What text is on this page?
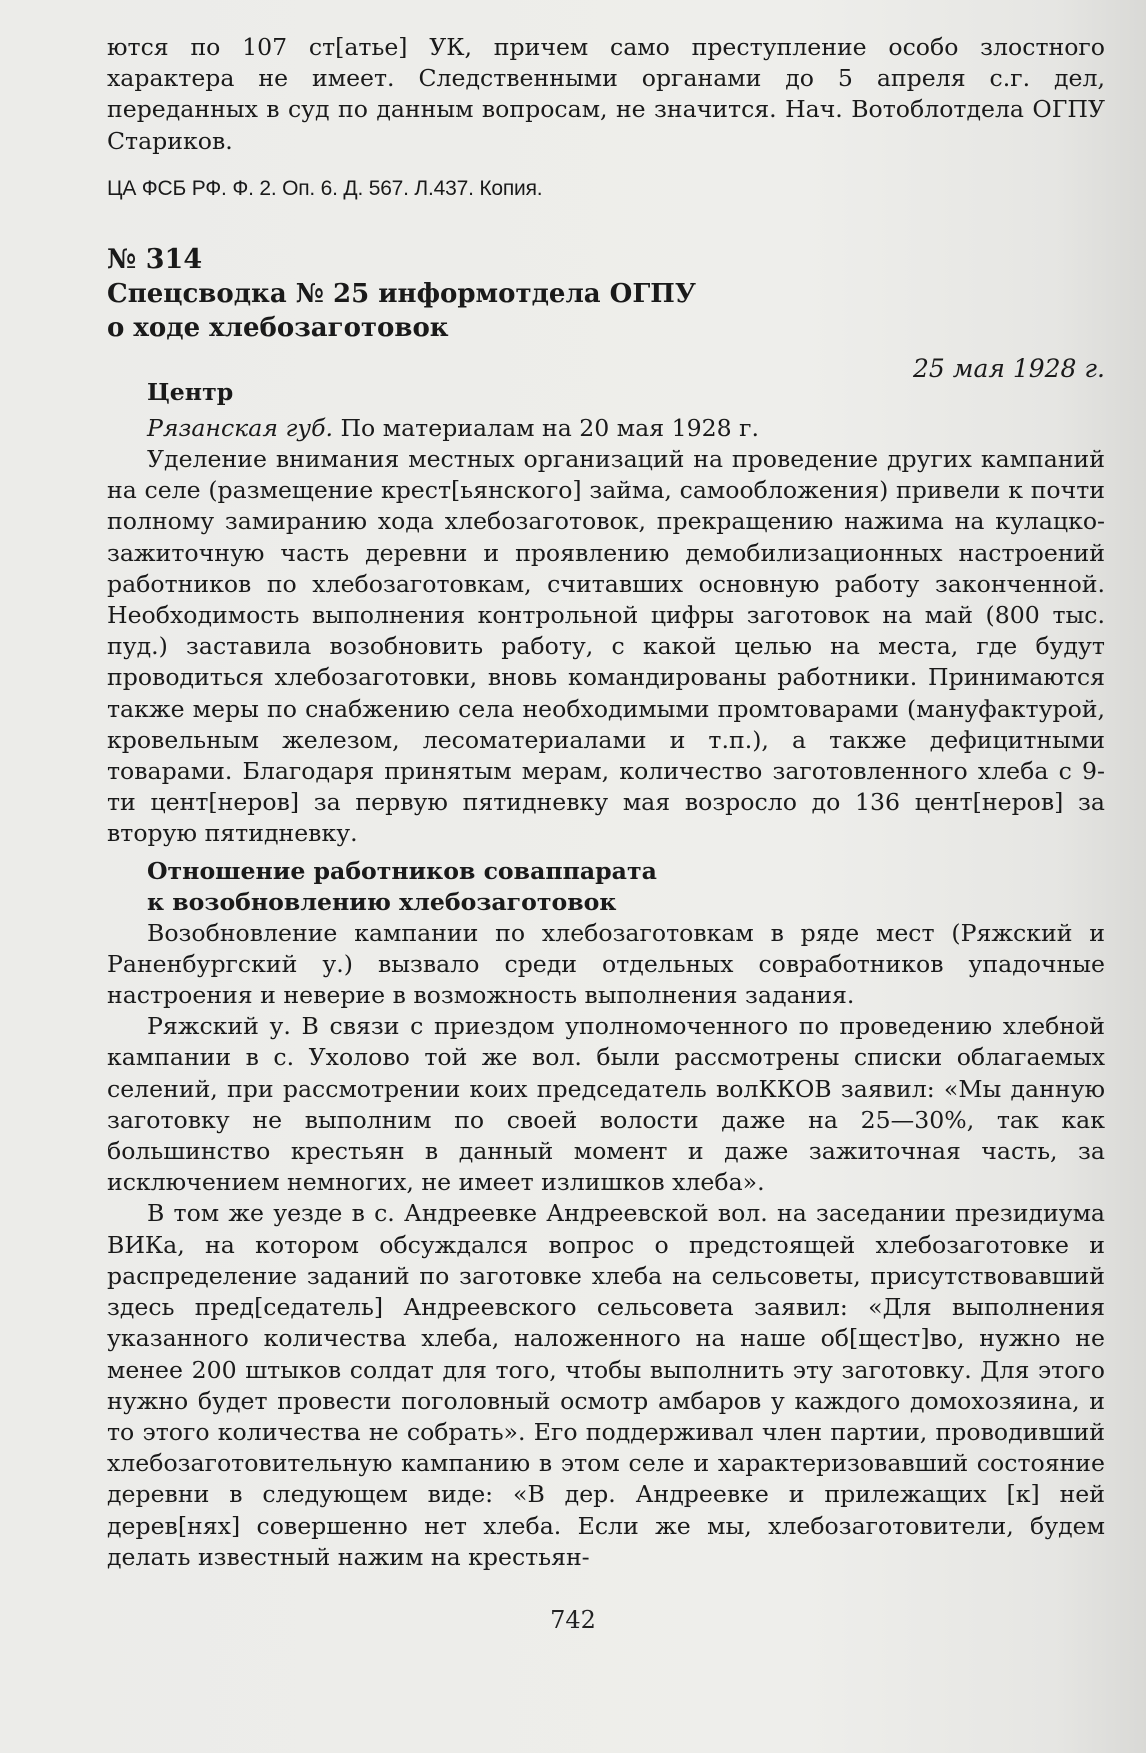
ются по 107 ст[атье] УК, причем само преступление особо злостного характера не имеет. Следственными органами до 5 апреля с.г. дел, переданных в суд по данным вопросам, не значится. Нач. Вотоблотдела ОГПУ Стариков.

ЦА ФСБ РФ. Ф. 2. Оп. 6. Д. 567. Л.437. Копия.

№ 314
Спецсводка № 25 информотдела ОГПУ
о ходе хлебозаготовок
25 мая 1928 г.
Центр

Рязанская губ. По материалам на 20 мая 1928 г.

Уделение внимания местных организаций на проведение других кампаний на селе (размещение крест[ьянского] займа, самообложения) привели к почти полному замиранию хода хлебозаготовок, прекращению нажима на кулацко-зажиточную часть деревни и проявлению демобилизационных настроений работников по хлебозаготовкам, считавших основную работу законченной. Необходимость выполнения контрольной цифры заготовок на май (800 тыс. пуд.) заставила возобновить работу, с какой целью на места, где будут проводиться хлебозаготовки, вновь командированы работники. Принимаются также меры по снабжению села необходимыми промтоварами (мануфактурой, кровельным железом, лесоматериалами и т.п.), а также дефицитными товарами. Благодаря принятым мерам, количество заготовленного хлеба с 9-ти цент[неров] за первую пятидневку мая возросло до 136 цент[неров] за вторую пятидневку.

Отношение работников соваппарата
к возобновлению хлебозаготовок

Возобновление кампании по хлебозаготовкам в ряде мест (Ряжский и Раненбургский у.) вызвало среди отдельных совработников упадочные настроения и неверие в возможность выполнения задания.

Ряжский у. В связи с приездом уполномоченного по проведению хлебной кампании в с. Ухолово той же вол. были рассмотрены списки облагаемых селений, при рассмотрении коих председатель волККОВ заявил: «Мы данную заготовку не выполним по своей волости даже на 25—30%, так как большинство крестьян в данный момент и даже зажиточная часть, за исключением немногих, не имеет излишков хлеба».

В том же уезде в с. Андреевке Андреевской вол. на заседании президиума ВИКа, на котором обсуждался вопрос о предстоящей хлебозаготовке и распределение заданий по заготовке хлеба на сельсоветы, присутствовавший здесь пред[седатель] Андреевского сельсовета заявил: «Для выполнения указанного количества хлеба, наложенного на наше об[щест]во, нужно не менее 200 штыков солдат для того, чтобы выполнить эту заготовку. Для этого нужно будет провести поголовный осмотр амбаров у каждого домохозяина, и то этого количества не собрать». Его поддерживал член партии, проводивший хлебозаготовительную кампанию в этом селе и характеризовавший состояние деревни в следующем виде: «В дер. Андреевке и прилежащих [к] ней дерев[нях] совершенно нет хлеба. Если же мы, хлебозаготовители, будем делать известный нажим на крестьян-

742
